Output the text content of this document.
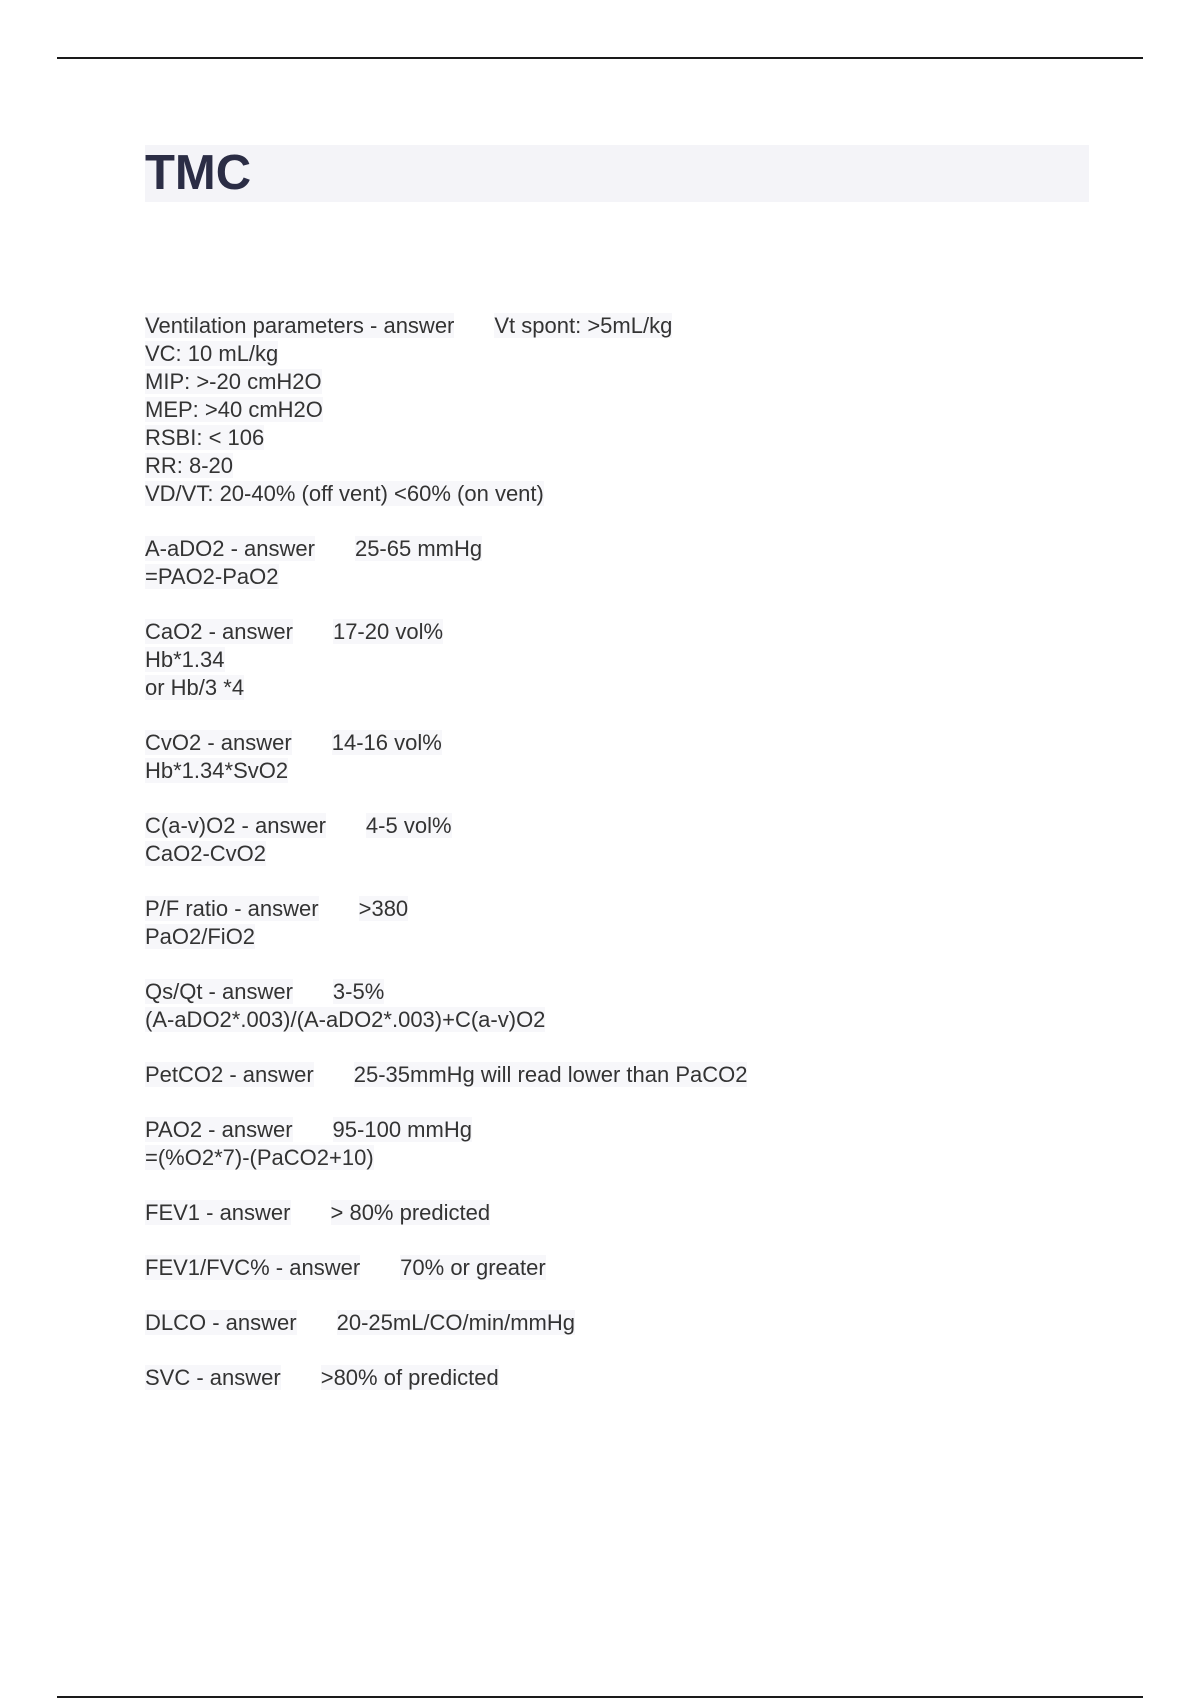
TMC
Ventilation parameters - answer Vt spont: >5mL/kg
VC: 10 mL/kg
MIP: >-20 cmH2O
MEP: >40 cmH2O
RSBI: < 106
RR: 8-20
VD/VT: 20-40% (off vent) <60% (on vent)
A-aDO2 - answer 25-65 mmHg
=PAO2-PaO2
CaO2 - answer 17-20 vol%
Hb*1.34
or Hb/3 *4
CvO2 - answer 14-16 vol%
Hb*1.34*SvO2
C(a-v)O2 - answer 4-5 vol%
CaO2-CvO2
P/F ratio - answer >380
PaO2/FiO2
Qs/Qt - answer 3-5%
(A-aDO2*.003)/(A-aDO2*.003)+C(a-v)O2
PetCO2 - answer 25-35mmHg will read lower than PaCO2
PAO2 - answer 95-100 mmHg
=(%O2*7)-(PaCO2+10)
FEV1 - answer > 80% predicted
FEV1/FVC% - answer 70% or greater
DLCO - answer 20-25mL/CO/min/mmHg
SVC - answer >80% of predicted
